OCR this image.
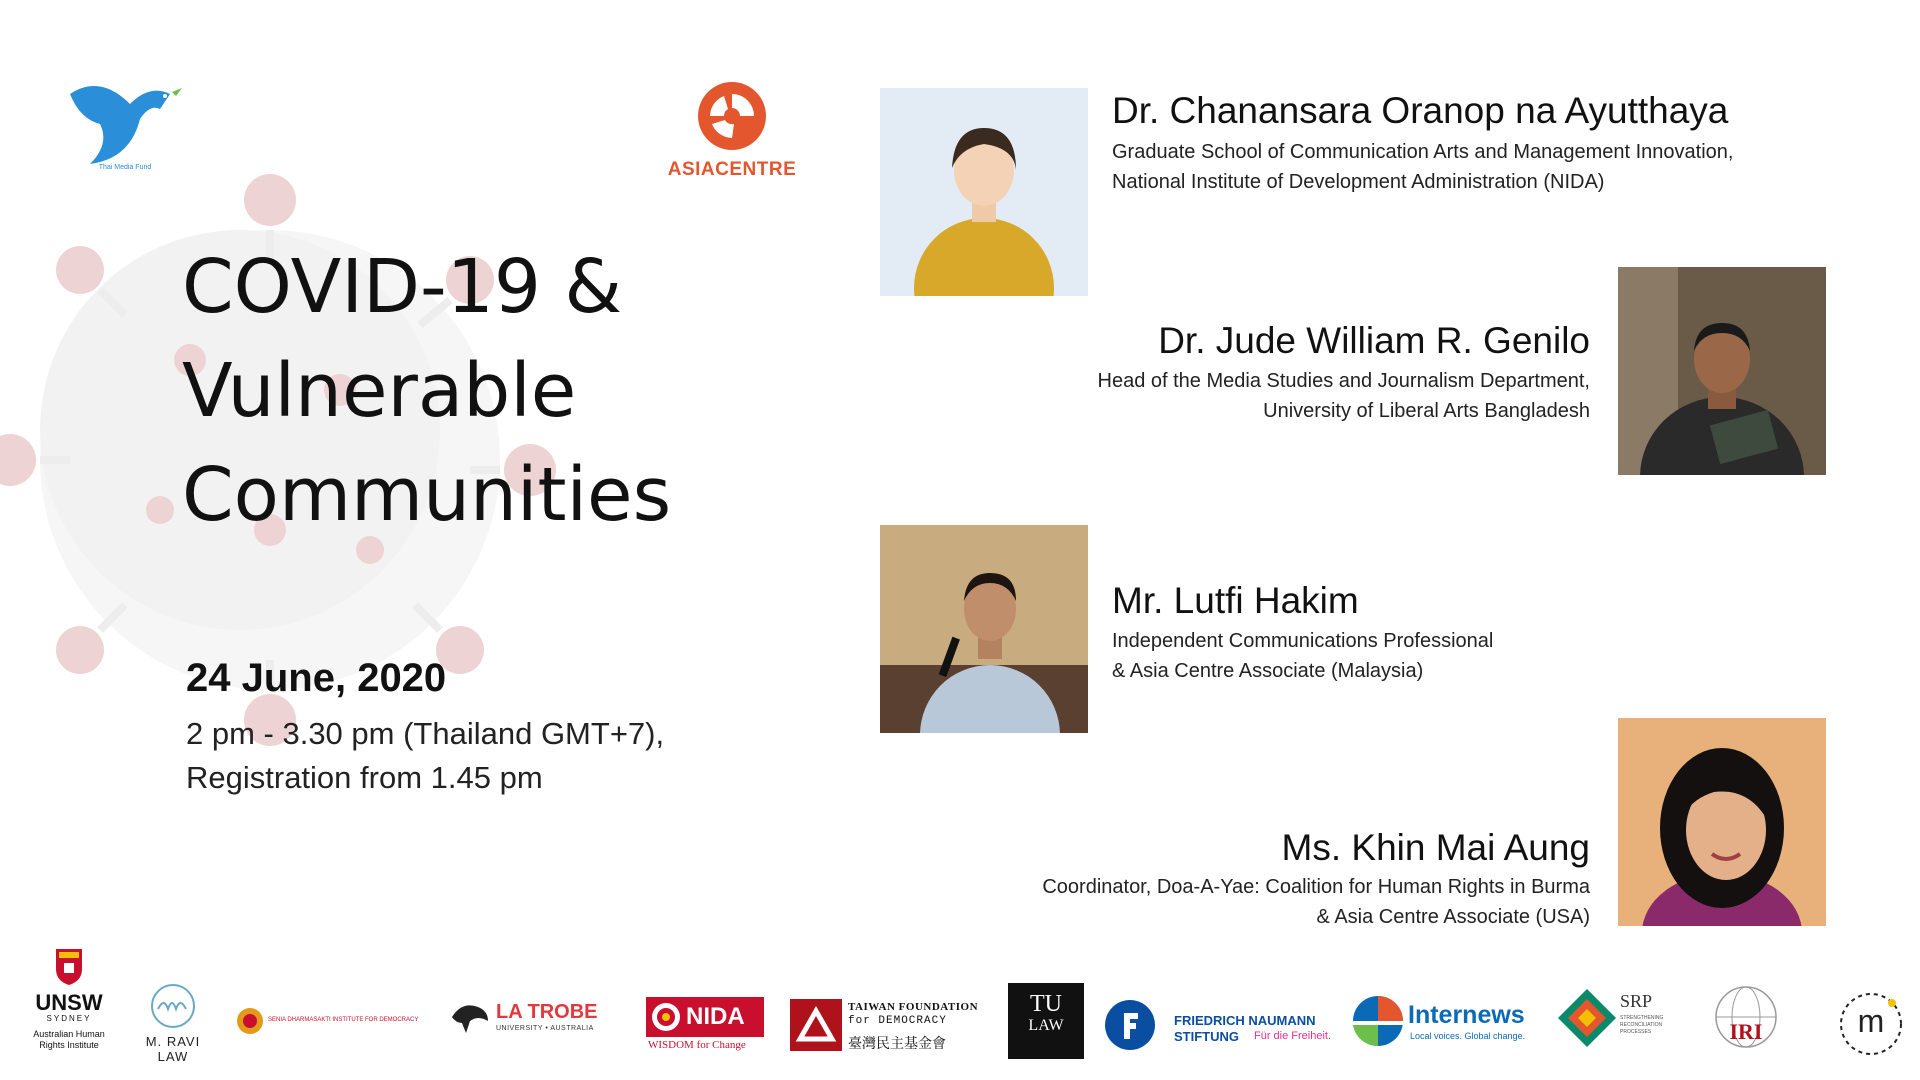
Thai Media Fund	ASIACENTRE
COVID-19 &
Vulnerable
Communities
24 June, 2020
2 pm - 3.30 pm (Thailand GMT+7),
Registration from 1.45 pm
Dr. Chanansara Oranop na Ayutthaya
Graduate School of Communication Arts and Management Innovation,
National Institute of Development Administration (NIDA)
Dr. Jude William R. Genilo
Head of the Media Studies and Journalism Department,
University of Liberal Arts Bangladesh
Mr. Lutfi Hakim
Independent Communications Professional
& Asia Centre Associate (Malaysia)
Ms. Khin Mai Aung
Coordinator, Doa-A-Yae: Coalition for Human Rights in Burma
& Asia Centre Associate (USA)
UNSW
SYDNEY
Australian Human
Rights Institute	M. RAVI LAW
SENIA DHARMASAKTI INSTITUTE FOR DEMOCRACY	LA TROBE
UNIVERSITY • AUSTRALIA	NIDA
WISDOM for Change
TAIWAN FOUNDATION
for DEMOCRACY
臺灣民主基金會
TU
LAW	FRIEDRICH NAUMANN
STIFTUNG Für die Freiheit.
Internews
Local voices. Global change.
SRP
STRENGTHENING RECONCILIATION PROCESSES	IRI	m
